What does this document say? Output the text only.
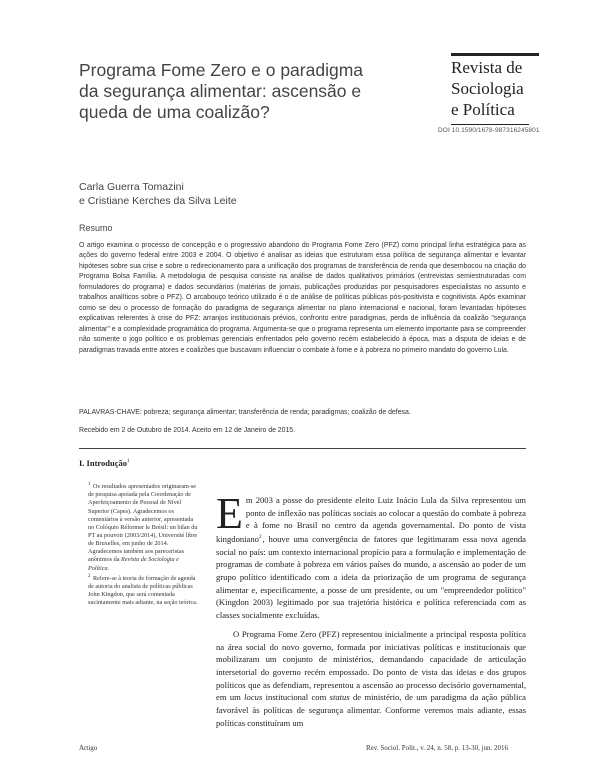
Revista de
Sociologia
e Política
Programa Fome Zero e o paradigma da segurança alimentar: ascensão e queda de uma coalizão?
DOI 10.1590/1678-987316245801
Carla Guerra Tomazini
e Cristiane Kerches da Silva Leite
Resumo
O artigo examina o processo de concepção e o progressivo abandono do Programa Fome Zero (PFZ) como principal linha estratégica para as ações do governo federal entre 2003 e 2004. O objetivo é analisar as ideias que estruturam essa política de segurança alimentar e levantar hipóteses sobre sua crise e sobre o redirecionamento para a unificação dos programas de transferência de renda que desembocou na criação do Programa Bolsa Família. A metodologia de pesquisa consiste na análise de dados qualitativos primários (entrevistas semiestruturadas com formuladores do programa) e dados secundários (matérias de jornais, publicações produzidas por pesquisadores especialistas no assunto e trabalhos analíticos sobre o PFZ). O arcabouço teórico utilizado é o de análise de políticas públicas pós-positivista e cognitivista. Após examinar como se deu o processo de formação do paradigma de segurança alimentar no plano internacional e nacional, foram levantadas hipóteses explicativas referentes à crise do PFZ: arranjos institucionais prévios, confronto entre paradigmas, perda de influência da coalizão "segurança alimentar" e a complexidade programática do programa. Argumenta-se que o programa representa um elemento importante para se compreender não somente o jogo político e os problemas gerenciais enfrentados pelo governo recém estabelecido à época, mas a disputa de ideias e de paradigmas travada entre atores e coalizões que buscavam influenciar o combate à fome e à pobreza no primeiro mandato do governo Lula.
PALAVRAS-CHAVE: pobreza; segurança alimentar; transferência de renda; paradigmas; coalizão de defesa.
Recebido em 2 de Outubro de 2014. Aceito em 12 de Janeiro de 2015.
I. Introdução$^1$
$^1$ Os resultados apresentados originaram-se de pesquisa apoiada pela Coordenação de Aperfeiçoamento de Pessoal de Nível Superior (Capes). Agradecemos os comentários à versão anterior, apresentada no Colóquio Réformer le Brésil: un bilan du PT au pouvoir (2003/2014), Université libre de Bruxelles, em junho de 2014. Agradecemos também aos pareceristas anônimos da Revista de Sociologia e Política.
$^2$ Refere-se à teoria de formação de agenda de autoria do analista de políticas públicas John Kingdon, que será comentada sucintamente mais adiante, na seção teórica.

Em 2003 a posse do presidente eleito Luiz Inácio Lula da Silva representou um ponto de inflexão nas políticas sociais ao colocar a questão do combate à pobreza e à fome no Brasil no centro da agenda governamental. Do ponto de vista kingdoniano$^2$, houve uma convergência de fatores que legitimaram essa nova agenda social no país: um contexto internacional propício para a formulação e implementação de programas de combate à pobreza em vários países do mundo, a ascensão ao poder de um grupo político identificado com a ideia da priorização de um programa de segurança alimentar e, especificamente, a posse de um presidente, ou um "empreendedor político" (Kingdon 2003) legitimado por sua trajetória histórica e política referenciada com as classes socialmente excluídas.

O Programa Fome Zero (PFZ) representou inicialmente a principal resposta política na área social do novo governo, formada por iniciativas políticas e institucionais que mobilizaram um conjunto de ministérios, demandando capacidade de articulação intersetorial do governo recém empossado. Do ponto de vista das ideias e dos grupos políticos que as defendiam, representou a ascensão ao processo decisório governamental, em um locus institucional com status de ministério, de um paradigma da ação pública favorável às políticas de segurança alimentar. Conforme veremos mais adiante, essas políticas constituíram um

Artigo	Rev. Sociol. Polit., v. 24, n. 58, p. 13-30, jun. 2016
